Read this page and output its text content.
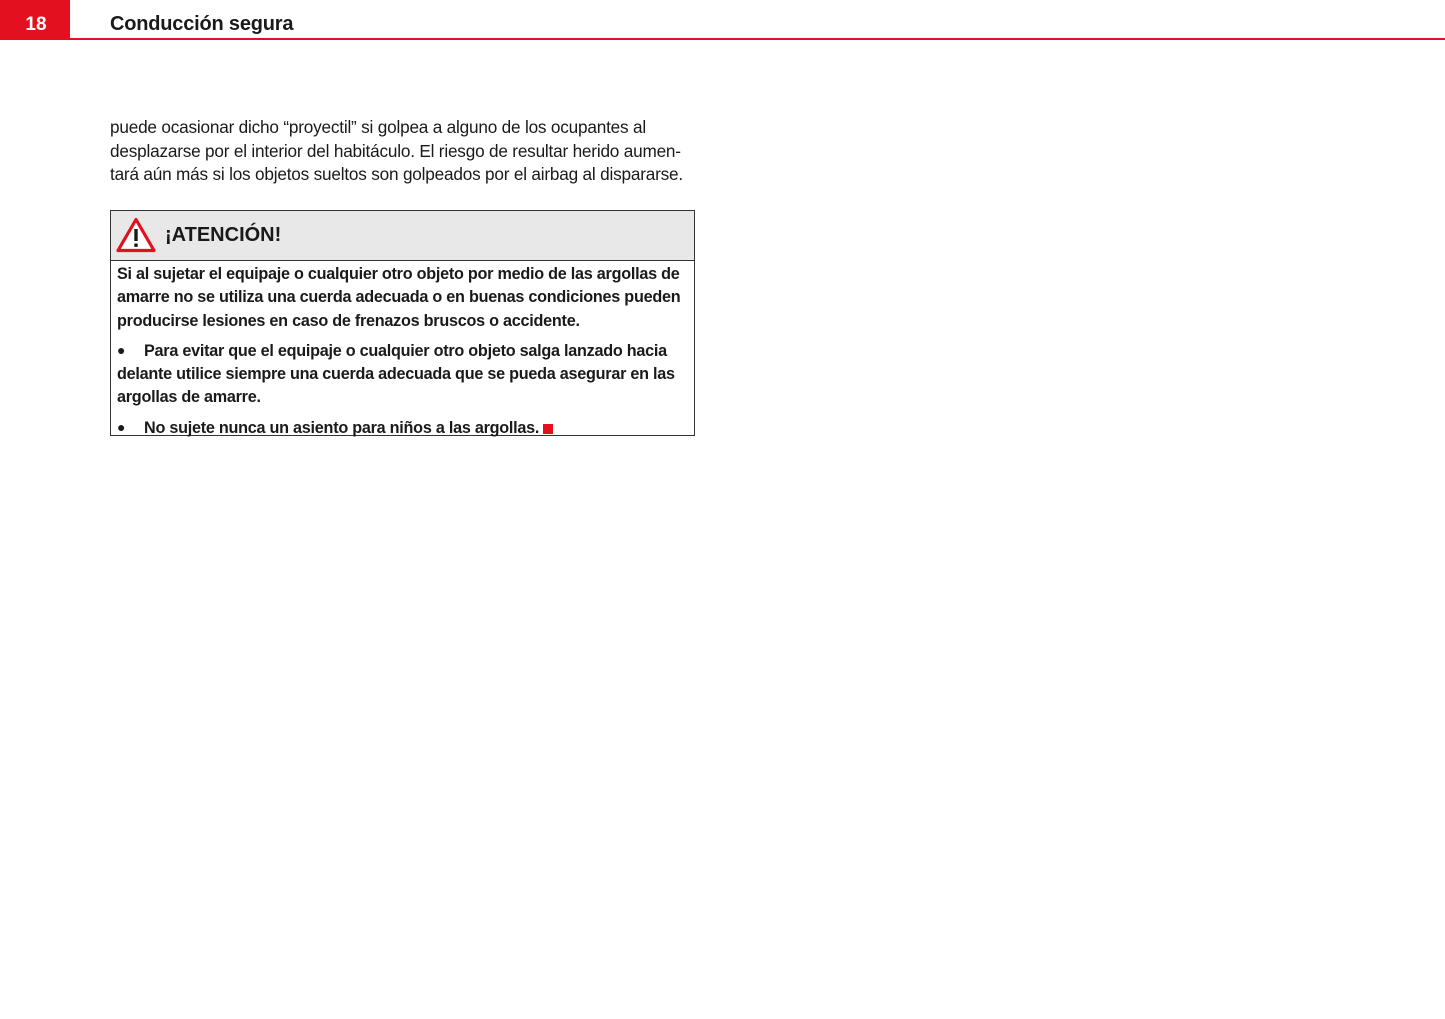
18	Conducción segura

puede ocasionar dicho “proyectil” si golpea a alguno de los ocupantes al

desplazarse por el interior del habitáculo. El riesgo de resultar herido aumen-

tará aún más si los objetos sueltos son golpeados por el airbag al dispararse.

¡ATENCIÓN!

Si al sujetar el equipaje o cualquier otro objeto por medio de las argollas de

amarre no se utiliza una cuerda adecuada o en buenas condiciones pueden

producirse lesiones en caso de frenazos bruscos o accidente.

● Para evitar que el equipaje o cualquier otro objeto salga lanzado hacia

delante utilice siempre una cuerda adecuada que se pueda asegurar en las

argollas de amarre.

● No sujete nunca un asiento para niños a las argollas.
